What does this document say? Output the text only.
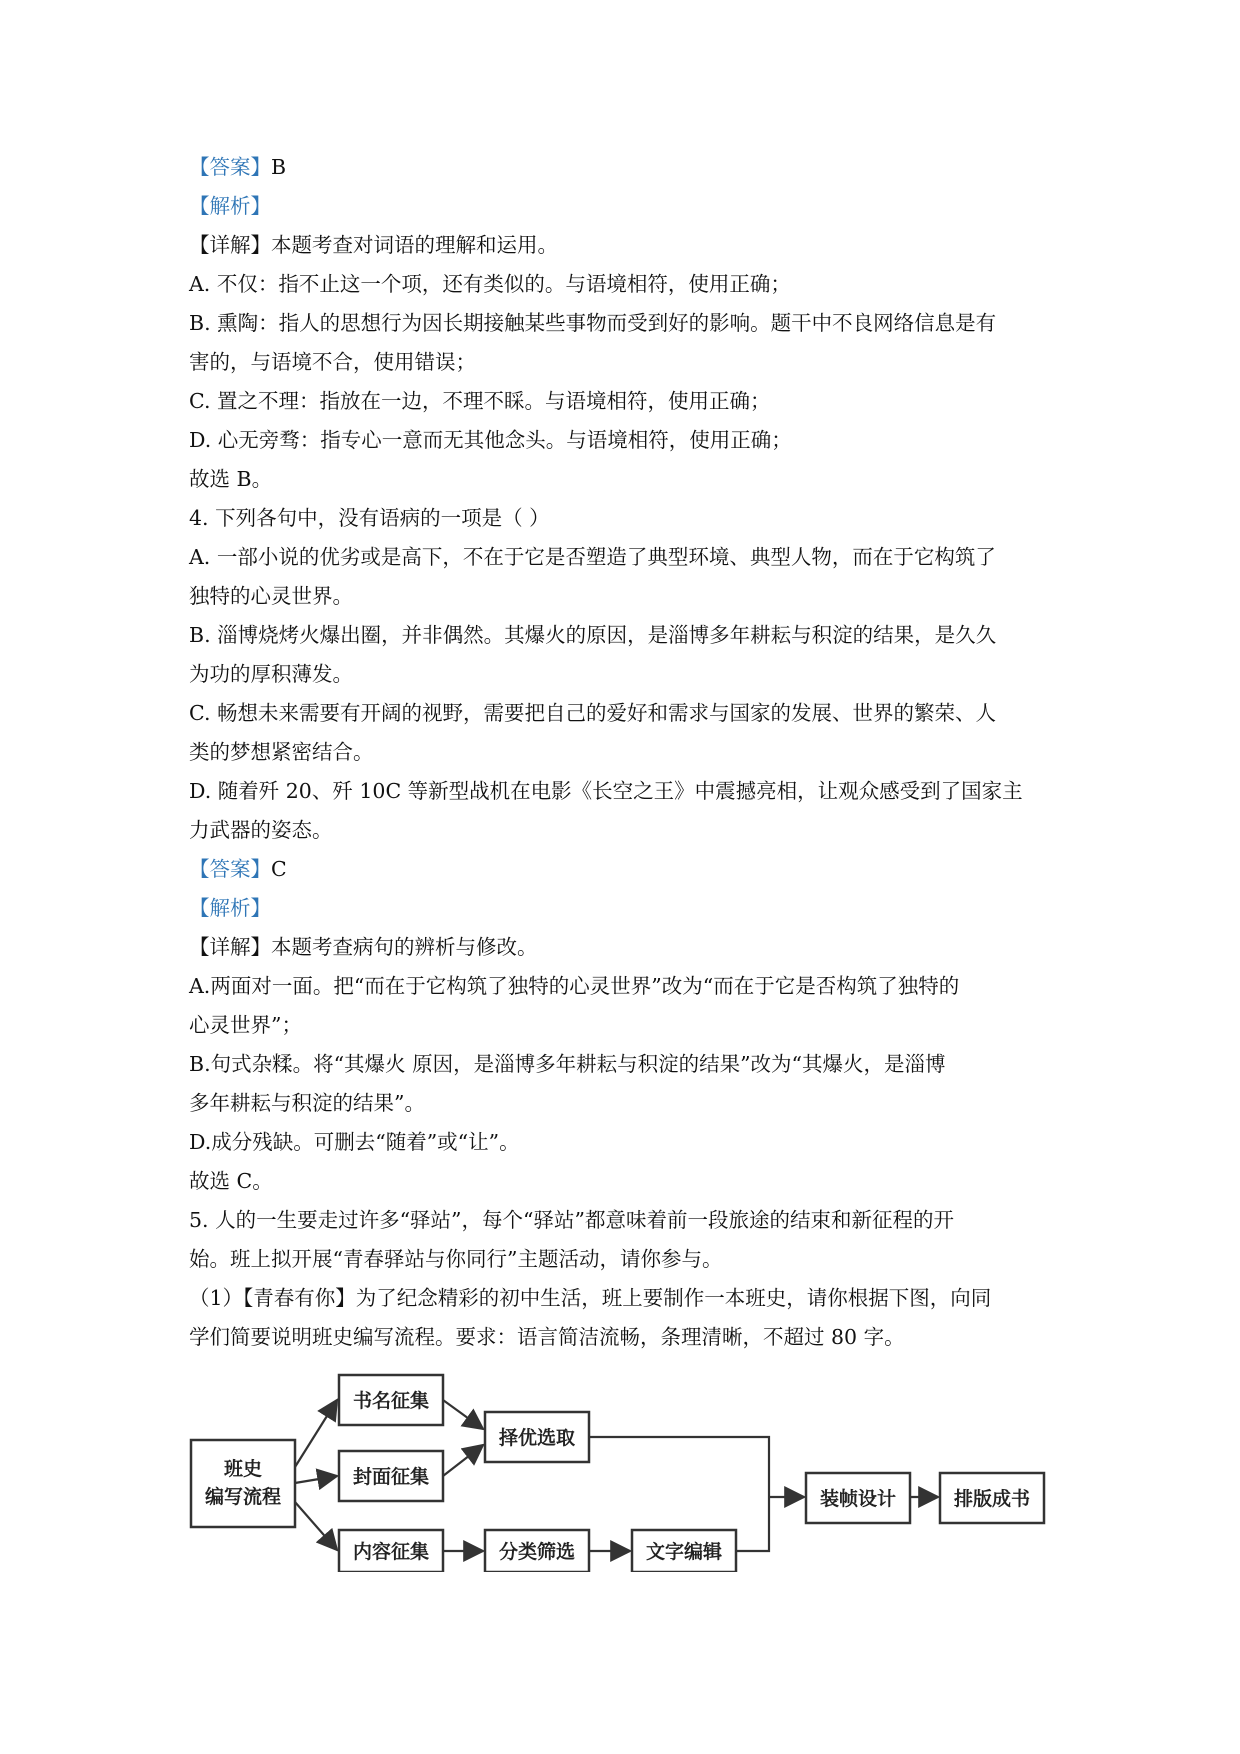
【答案】B
【解析】
【详解】本题考查对词语的理解和运用。
A. 不仅：指不止这一个项，还有类似的。与语境相符，使用正确；
B. 熏陶：指人的思想行为因长期接触某些事物而受到好的影响。题干中不良网络信息是有
害的，与语境不合，使用错误；
C. 置之不理：指放在一边，不理不睬。与语境相符，使用正确；
D. 心无旁骛：指专心一意而无其他念头。与语境相符，使用正确；
故选 B。
4. 下列各句中，没有语病的一项是（ ）
A. 一部小说的优劣或是高下，不在于它是否塑造了典型环境、典型人物，而在于它构筑了
独特的心灵世界。
B. 淄博烧烤火爆出圈，并非偶然。其爆火的原因，是淄博多年耕耘与积淀的结果，是久久
为功的厚积薄发。
C. 畅想未来需要有开阔的视野，需要把自己的爱好和需求与国家的发展、世界的繁荣、人
类的梦想紧密结合。
D. 随着歼 20、歼 10C 等新型战机在电影《长空之王》中震撼亮相，让观众感受到了国家主
力武器的姿态。
【答案】C
【解析】
【详解】本题考查病句的辨析与修改。
A.两面对一面。把“而在于它构筑了独特的心灵世界”改为“而在于它是否构筑了独特的
心灵世界”；
B.句式杂糅。将“其爆火 原因，是淄博多年耕耘与积淀的结果”改为“其爆火，是淄博
多年耕耘与积淀的结果”。
D.成分残缺。可删去“随着”或“让”。
故选 C。
5. 人的一生要走过许多“驿站”，每个“驿站”都意味着前一段旅途的结束和新征程的开
始。班上拟开展“青春驿站与你同行”主题活动，请你参与。
（1）【青春有你】为了纪念精彩的初中生活，班上要制作一本班史，请你根据下图，向同
学们简要说明班史编写流程。要求：语言简洁流畅，条理清晰，不超过 80 字。
班史
编写流程
书名征集
封面征集
内容征集
择优选取
分类筛选	文字编辑
装帧设计	排版成书
